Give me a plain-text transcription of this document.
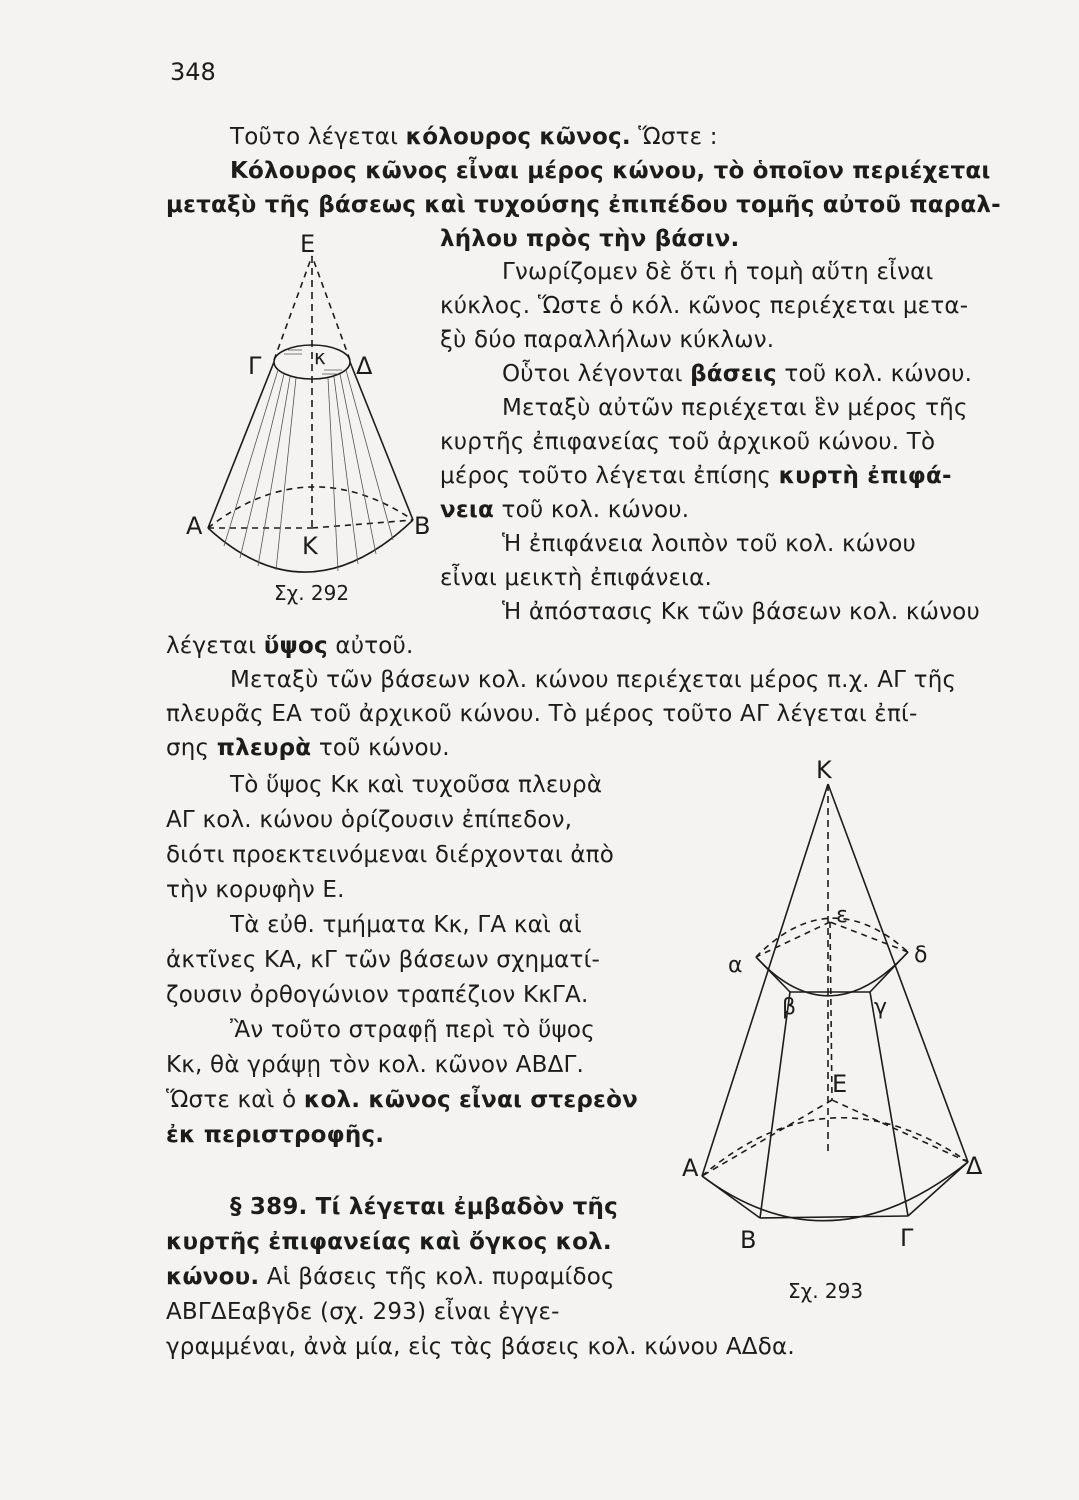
348
Τοῦτο λέγεται κόλουρος κῶνος. Ὥστε :
Κόλουρος κῶνος εἶναι μέρος κώνου, τὸ ὁποῖον περιέχεται
μεταξὺ τῆς βάσεως καὶ τυχούσης ἐπιπέδου τομῆς αὐτοῦ παραλ-
λήλου πρὸς τὴν βάσιν.
Γνωρίζομεν δὲ ὅτι ἡ τομὴ αὕτη εἶναι
κύκλος. Ὥστε ὁ κόλ. κῶνος περιέχεται μετα-
ξὺ δύο παραλλήλων κύκλων.
Οὗτοι λέγονται βάσεις τοῦ κολ. κώνου.
Μεταξὺ αὐτῶν περιέχεται ἓν μέρος τῆς
κυρτῆς ἐπιφανείας τοῦ ἀρχικοῦ κώνου. Τὸ
μέρος τοῦτο λέγεται ἐπίσης κυρτὴ ἐπιφά-
νεια τοῦ κολ. κώνου.
Ἡ ἐπιφάνεια λοιπὸν τοῦ κολ. κώνου
εἶναι μεικτὴ ἐπιφάνεια.
Ἡ ἀπόστασις Κκ τῶν βάσεων κολ. κώνου
λέγεται ὕψος αὐτοῦ.
Μεταξὺ τῶν βάσεων κολ. κώνου περιέχεται μέρος π.χ. ΑΓ τῆς
πλευρᾶς ΕΑ τοῦ ἀρχικοῦ κώνου. Τὸ μέρος τοῦτο ΑΓ λέγεται ἐπί-
σης πλευρὰ τοῦ κώνου.
Τὸ ὕψος Κκ καὶ τυχοῦσα πλευρὰ
ΑΓ κολ. κώνου ὁρίζουσιν ἐπίπεδον,
διότι προεκτεινόμεναι διέρχονται ἀπὸ
τὴν κορυφὴν Ε.
Τὰ εὐθ. τμήματα Κκ, ΓΑ καὶ αἱ
ἀκτῖνες ΚΑ, κΓ τῶν βάσεων σχηματί-
ζουσιν ὀρθογώνιον τραπέζιον ΚκΓΑ.
Ἂν τοῦτο στραφῇ περὶ τὸ ὕψος
Κκ, θὰ γράψῃ τὸν κολ. κῶνον ΑΒΔΓ.
Ὥστε καὶ ὁ κολ. κῶνος εἶναι στερεὸν
ἐκ περιστροφῆς.
§ 389. Τί λέγεται ἐμβαδὸν τῆς
κυρτῆς ἐπιφανείας καὶ ὄγκος κολ.
κώνου. Αἱ βάσεις τῆς κολ. πυραμίδος
ΑΒΓΔΕαβγδε (σχ. 293) εἶναι ἐγγε-
γραμμέναι, ἀνὰ μία, εἰς τὰς βάσεις κολ. κώνου ΑΔδα.
Ε
Γ	κ Δ
Α	Β
Κ
Σχ. 292
Κ
ε
α	δ
β	γ
Ε
Α	Δ
Β	Γ
Σχ. 293
